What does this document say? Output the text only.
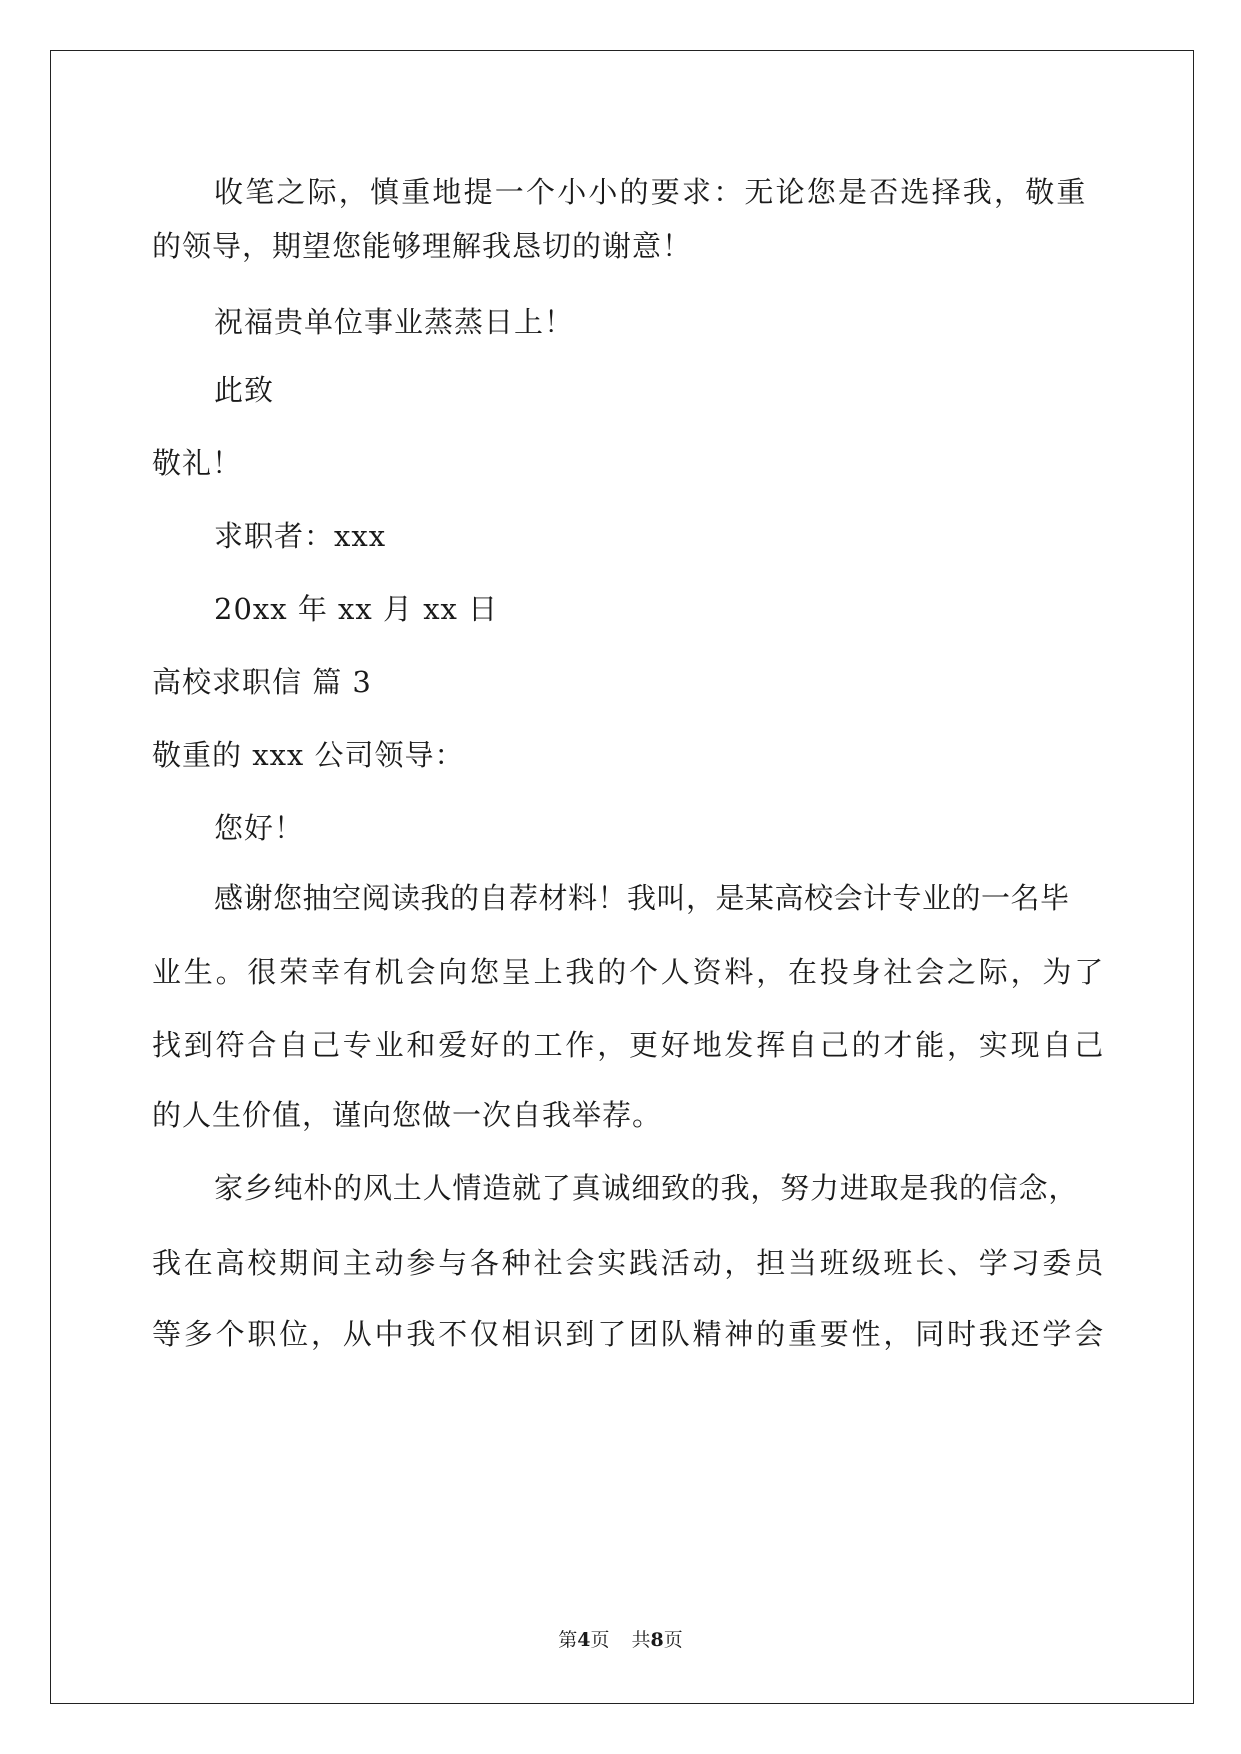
收笔之际，慎重地提一个小小的要求：无论您是否选择我，敬重
的领导，期望您能够理解我恳切的谢意！
祝福贵单位事业蒸蒸日上！
此致
敬礼！
求职者：xxx
20xx 年 xx 月 xx 日
高校求职信 篇 3
敬重的 xxx 公司领导：
您好！
感谢您抽空阅读我的自荐材料！我叫，是某高校会计专业的一名毕
业生。很荣幸有机会向您呈上我的个人资料，在投身社会之际，为了
找到符合自己专业和爱好的工作，更好地发挥自己的才能，实现自己
的人生价值，谨向您做一次自我举荐。
家乡纯朴的风土人情造就了真诚细致的我，努力进取是我的信念，
我在高校期间主动参与各种社会实践活动，担当班级班长、学习委员
等多个职位，从中我不仅相识到了团队精神的重要性，同时我还学会
第4页 共8页
